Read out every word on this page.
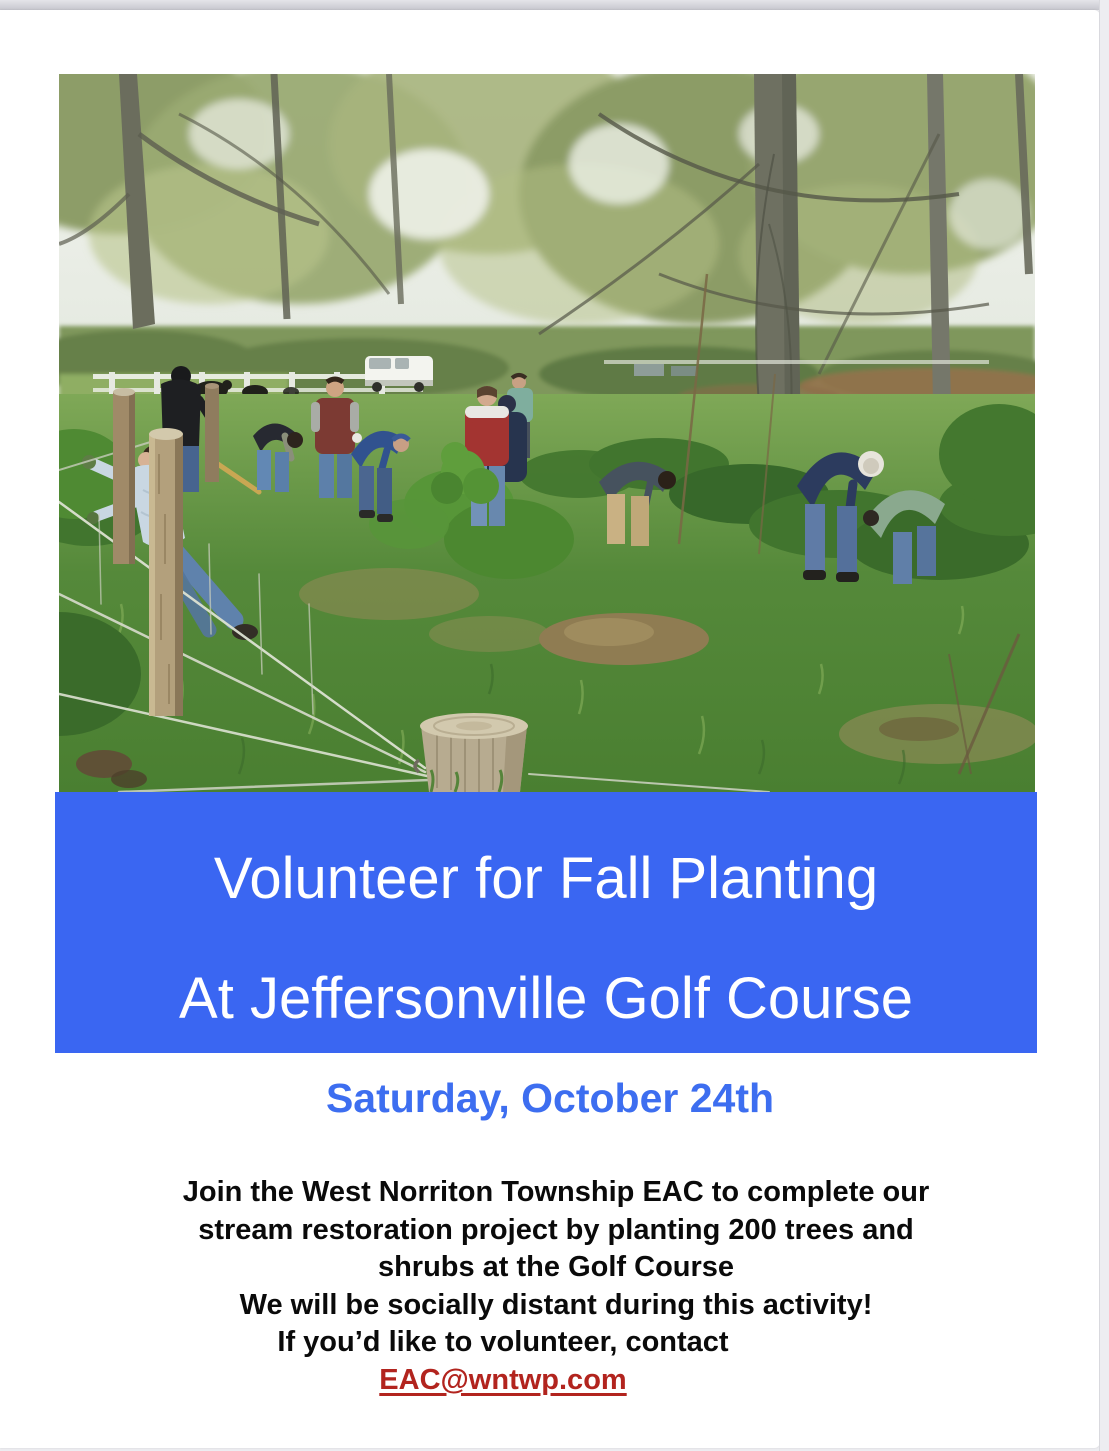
Volunteer for Fall Planting
At Jeffersonville Golf Course
Saturday, October 24th
Join the West Norriton Township EAC to complete our
stream restoration project by planting 200 trees and
shrubs at the Golf Course
We will be socially distant during this activity!
If you’d like to volunteer, contact
EAC@wntwp.com
